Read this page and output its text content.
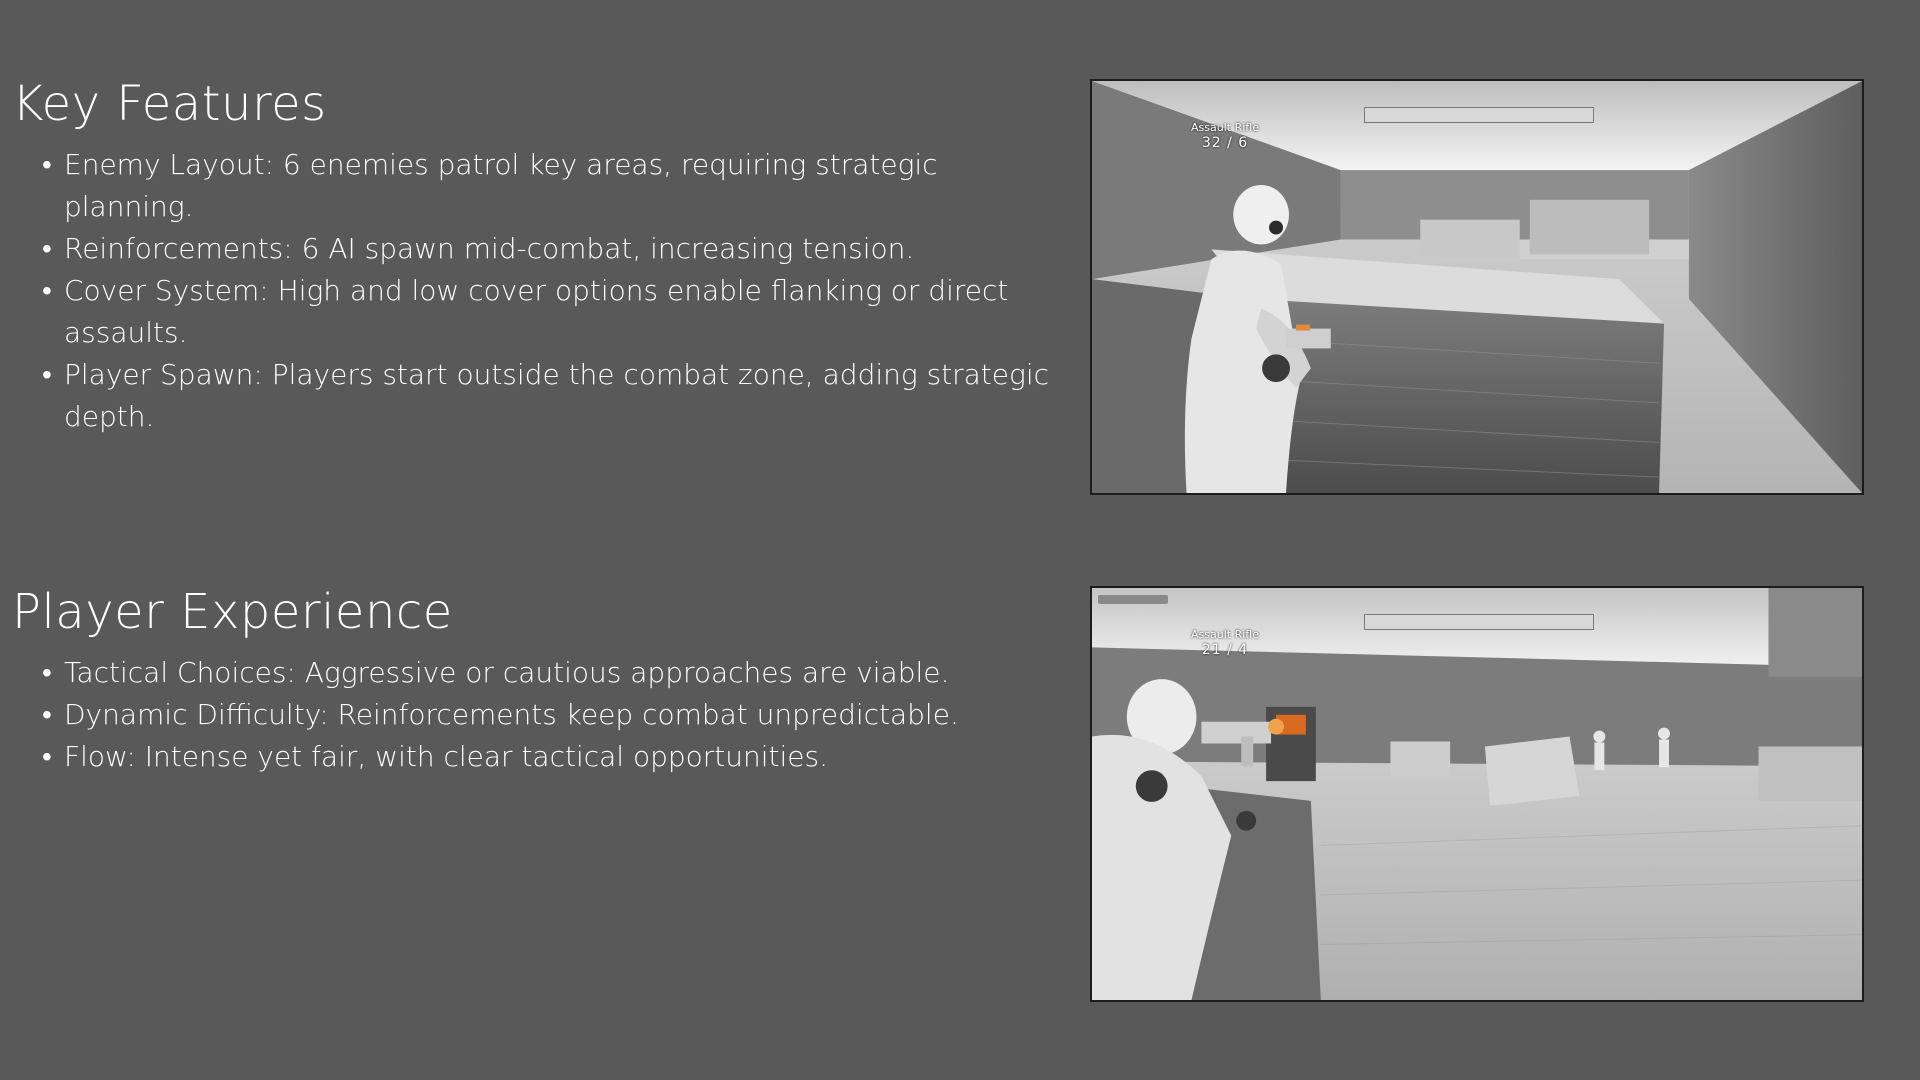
Key Features
• Enemy Layout: 6 enemies patrol key areas, requiring strategic planning.
• Reinforcements: 6 AI spawn mid-combat, increasing tension.
• Cover System: High and low cover options enable flanking or direct assaults.
• Player Spawn: Players start outside the combat zone, adding strategic depth.
Player Experience
• Tactical Choices: Aggressive or cautious approaches are viable.
• Dynamic Difficulty: Reinforcements keep combat unpredictable.
• Flow: Intense yet fair, with clear tactical opportunities.
Assault Rifle
32 / 6
Assault Rifle
21 / 4
